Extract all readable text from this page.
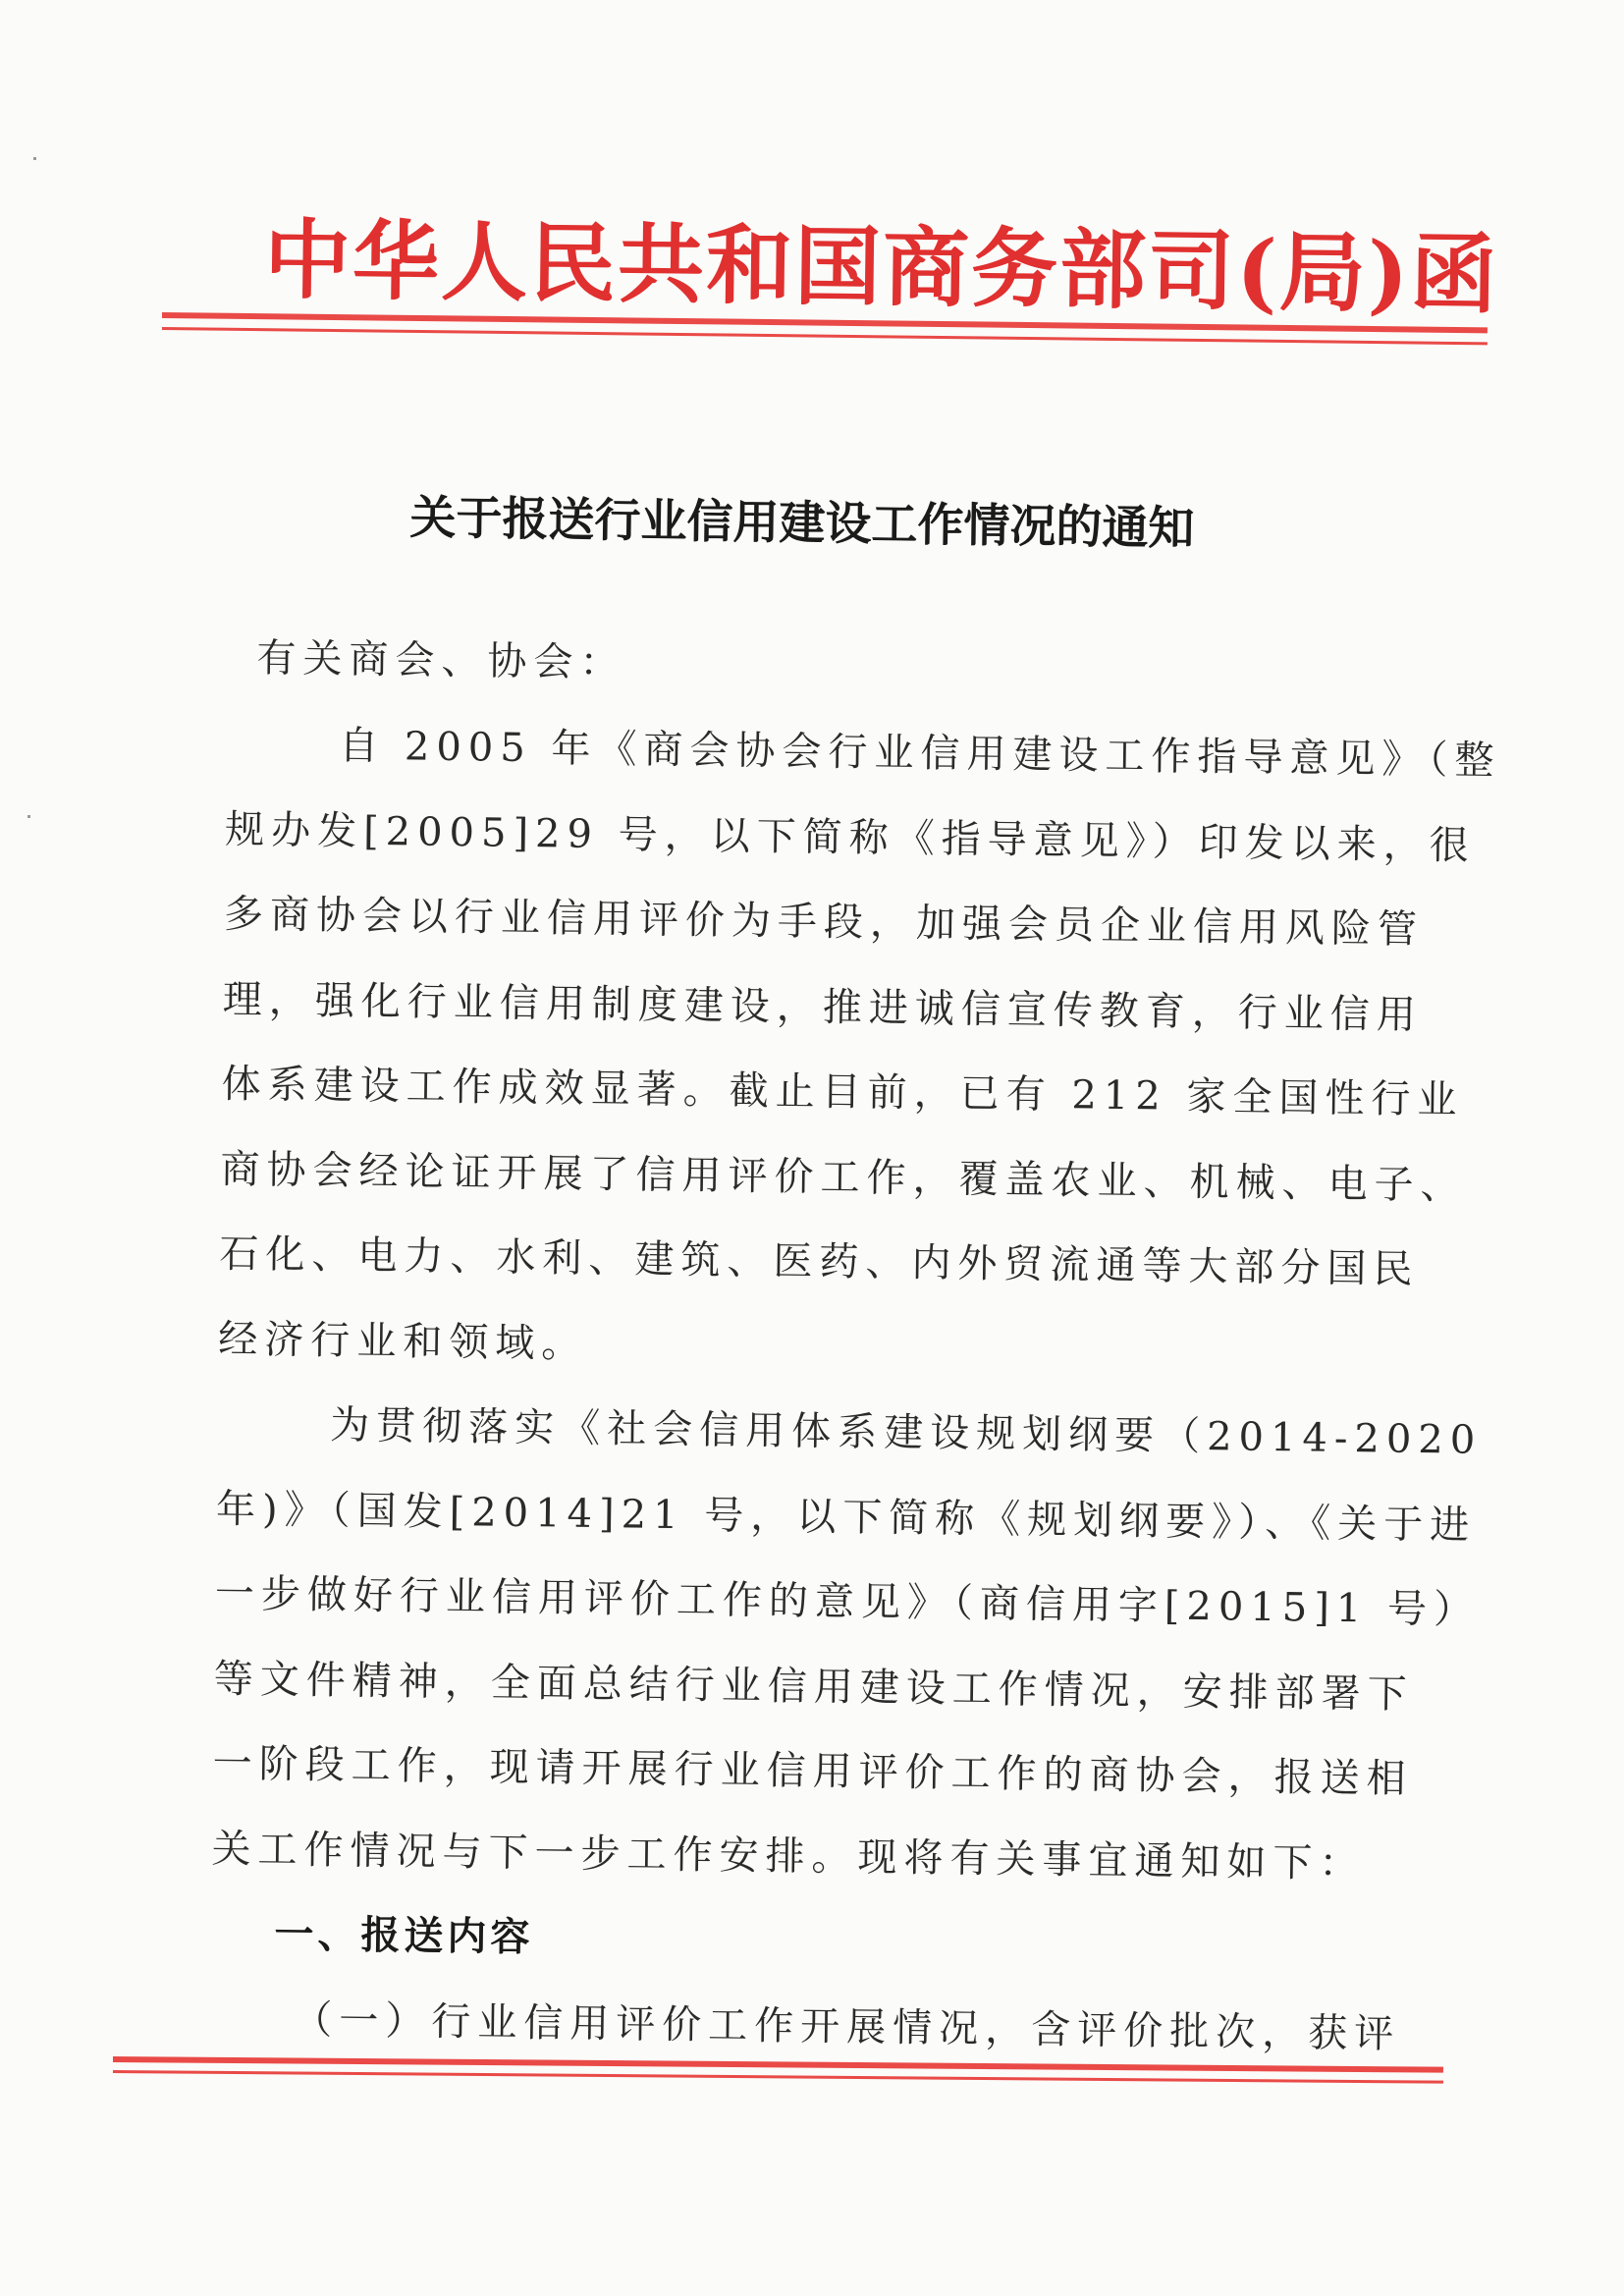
中华人民共和国商务部司(局)函
关于报送行业信用建设工作情况的通知
有关商会、协会：
自 2005 年《商会协会行业信用建设工作指导意见》（整
规办发[2005]29 号，以下简称《指导意见》）印发以来，很
多商协会以行业信用评价为手段，加强会员企业信用风险管
理，强化行业信用制度建设，推进诚信宣传教育，行业信用
体系建设工作成效显著。截止目前，已有 212 家全国性行业
商协会经论证开展了信用评价工作，覆盖农业、机械、电子、
石化、电力、水利、建筑、医药、内外贸流通等大部分国民
经济行业和领域。
为贯彻落实《社会信用体系建设规划纲要（2014-2020
年)》（国发[2014]21 号，以下简称《规划纲要》）、《关于进
一步做好行业信用评价工作的意见》（商信用字[2015]1 号）
等文件精神，全面总结行业信用建设工作情况，安排部署下
一阶段工作，现请开展行业信用评价工作的商协会，报送相
关工作情况与下一步工作安排。现将有关事宜通知如下：
一、报送内容
（一）行业信用评价工作开展情况，含评价批次，获评
